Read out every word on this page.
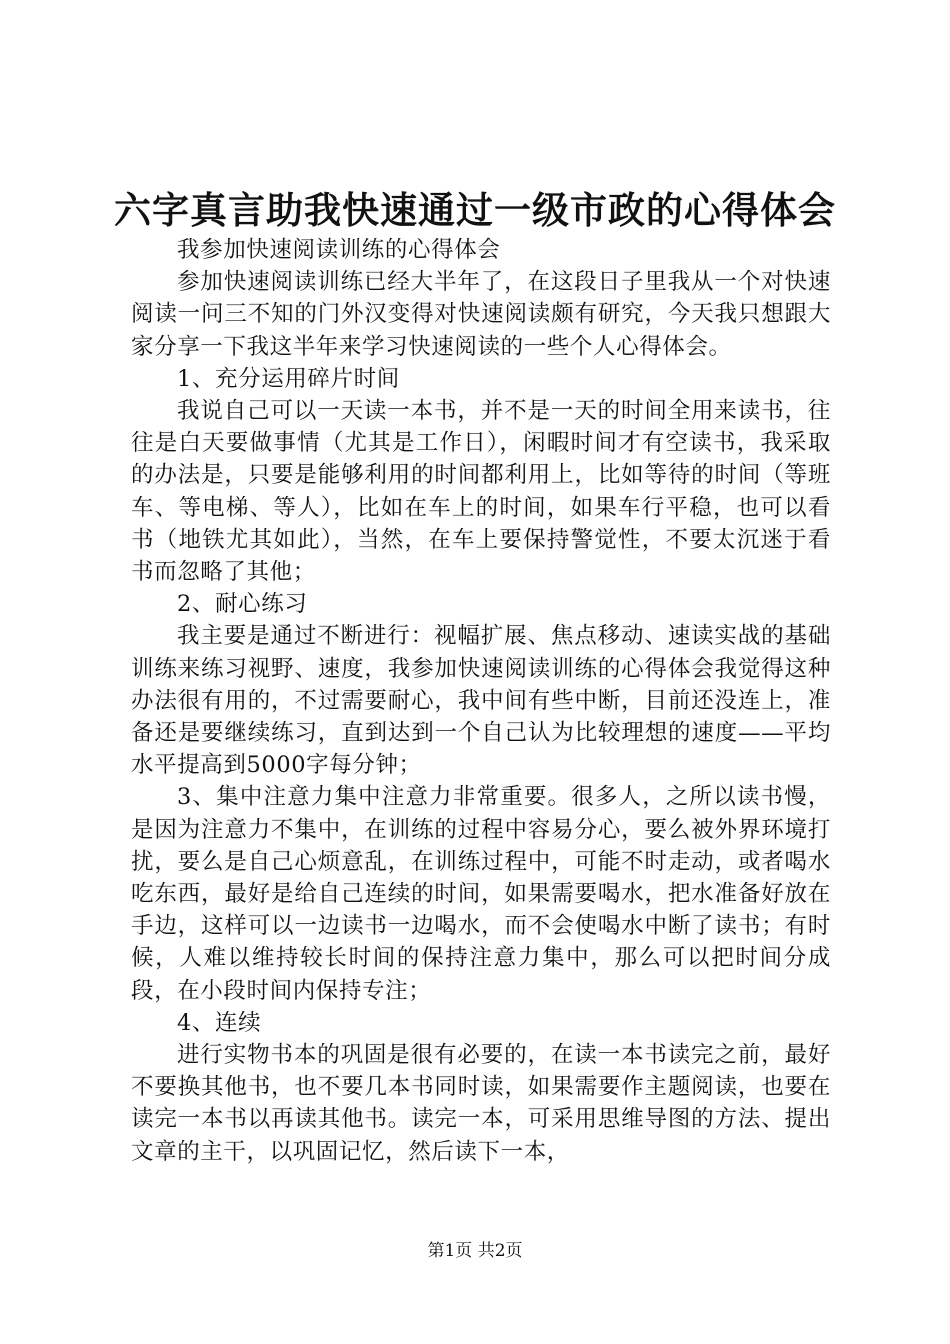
六字真言助我快速通过一级市政的心得体会

我参加快速阅读训练的心得体会

参加快速阅读训练已经大半年了，在这段日子里我从一个对快速阅读一问三不知的门外汉变得对快速阅读颇有研究，今天我只想跟大家分享一下我这半年来学习快速阅读的一些个人心得体会。

1、充分运用碎片时间

我说自己可以一天读一本书，并不是一天的时间全用来读书，往往是白天要做事情（尤其是工作日），闲暇时间才有空读书，我采取的办法是，只要是能够利用的时间都利用上，比如等待的时间（等班车、等电梯、等人），比如在车上的时间，如果车行平稳，也可以看书（地铁尤其如此），当然，在车上要保持警觉性，不要太沉迷于看书而忽略了其他；

2、耐心练习

我主要是通过不断进行：视幅扩展、焦点移动、速读实战的基础训练来练习视野、速度，我参加快速阅读训练的心得体会我觉得这种办法很有用的，不过需要耐心，我中间有些中断，目前还没连上，准备还是要继续练习，直到达到一个自己认为比较理想的速度——平均水平提高到5000字每分钟；

3、集中注意力集中注意力非常重要。很多人，之所以读书慢，是因为注意力不集中，在训练的过程中容易分心，要么被外界环境打扰，要么是自己心烦意乱，在训练过程中，可能不时走动，或者喝水吃东西，最好是给自己连续的时间，如果需要喝水，把水准备好放在手边，这样可以一边读书一边喝水，而不会使喝水中断了读书；有时候，人难以维持较长时间的保持注意力集中，那么可以把时间分成段，在小段时间内保持专注；

4、连续

进行实物书本的巩固是很有必要的，在读一本书读完之前，最好不要换其他书，也不要几本书同时读，如果需要作主题阅读，也要在读完一本书以再读其他书。读完一本，可采用思维导图的方法、提出文章的主干，以巩固记忆，然后读下一本，

第1页 共2页
